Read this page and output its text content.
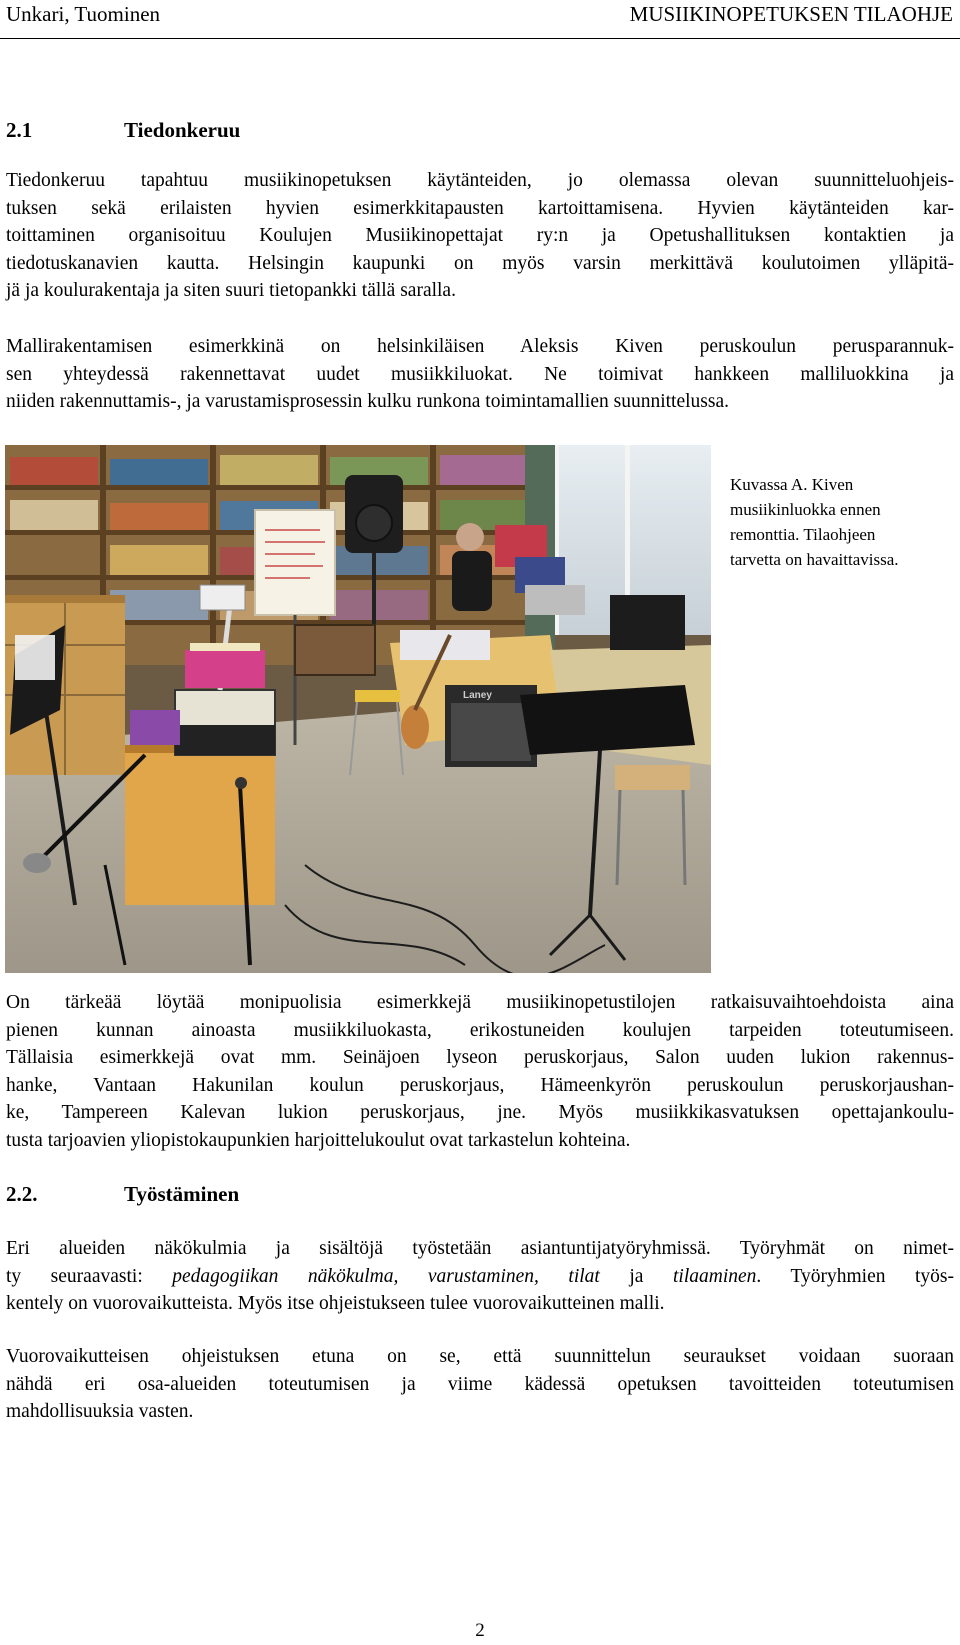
Unkari, Tuominen	MUSIIKINOPETUKSEN TILAOHJE
2.1	Tiedonkeruu
Tiedonkeruu tapahtuu musiikinopetuksen käytänteiden, jo olemassa olevan suunnitteluohjeis-
tuksen sekä erilaisten hyvien esimerkkitapausten kartoittamisena. Hyvien käytänteiden kar-
toittaminen organisoituu Koulujen Musiikinopettajat ry:n ja Opetushallituksen kontaktien ja
tiedotuskanavien kautta. Helsingin kaupunki on myös varsin merkittävä koulutoimen ylläpitä-
jä ja koulurakentaja ja siten suuri tietopankki tällä saralla.
Mallirakentamisen esimerkkinä on helsinkiläisen Aleksis Kiven peruskoulun perusparannuk-
sen yhteydessä rakennettavat uudet musiikkiluokat. Ne toimivat hankkeen malliluokkina ja
niiden rakennuttamis-, ja varustamisprosessin kulku runkona toimintamallien suunnittelussa.
Laney
Kuvassa A. Kiven
musiikinluokka ennen
remonttia. Tilaohjeen
tarvetta on havaittavissa.
On tärkeää löytää monipuolisia esimerkkejä musiikinopetustilojen ratkaisuvaihtoehdoista aina
pienen kunnan ainoasta musiikkiluokasta, erikostuneiden koulujen tarpeiden toteutumiseen.
Tällaisia esimerkkejä ovat mm. Seinäjoen lyseon peruskorjaus, Salon uuden lukion rakennus-
hanke, Vantaan Hakunilan koulun peruskorjaus, Hämeenkyrön peruskoulun peruskorjaushan-
ke, Tampereen Kalevan lukion peruskorjaus, jne. Myös musiikkikasvatuksen opettajankoulu-
tusta tarjoavien yliopistokaupunkien harjoittelukoulut ovat tarkastelun kohteina.
2.2.	Työstäminen
Eri alueiden näkökulmia ja sisältöjä työstetään asiantuntijatyöryhmissä. Työryhmät on nimet-
ty seuraavasti: pedagogiikan näkökulma, varustaminen, tilat ja tilaaminen. Työryhmien työs-
kentely on vuorovaikutteista. Myös itse ohjeistukseen tulee vuorovaikutteinen malli.
Vuorovaikutteisen ohjeistuksen etuna on se, että suunnittelun seuraukset voidaan suoraan
nähdä eri osa-alueiden toteutumisen ja viime kädessä opetuksen tavoitteiden toteutumisen
mahdollisuuksia vasten.
2
